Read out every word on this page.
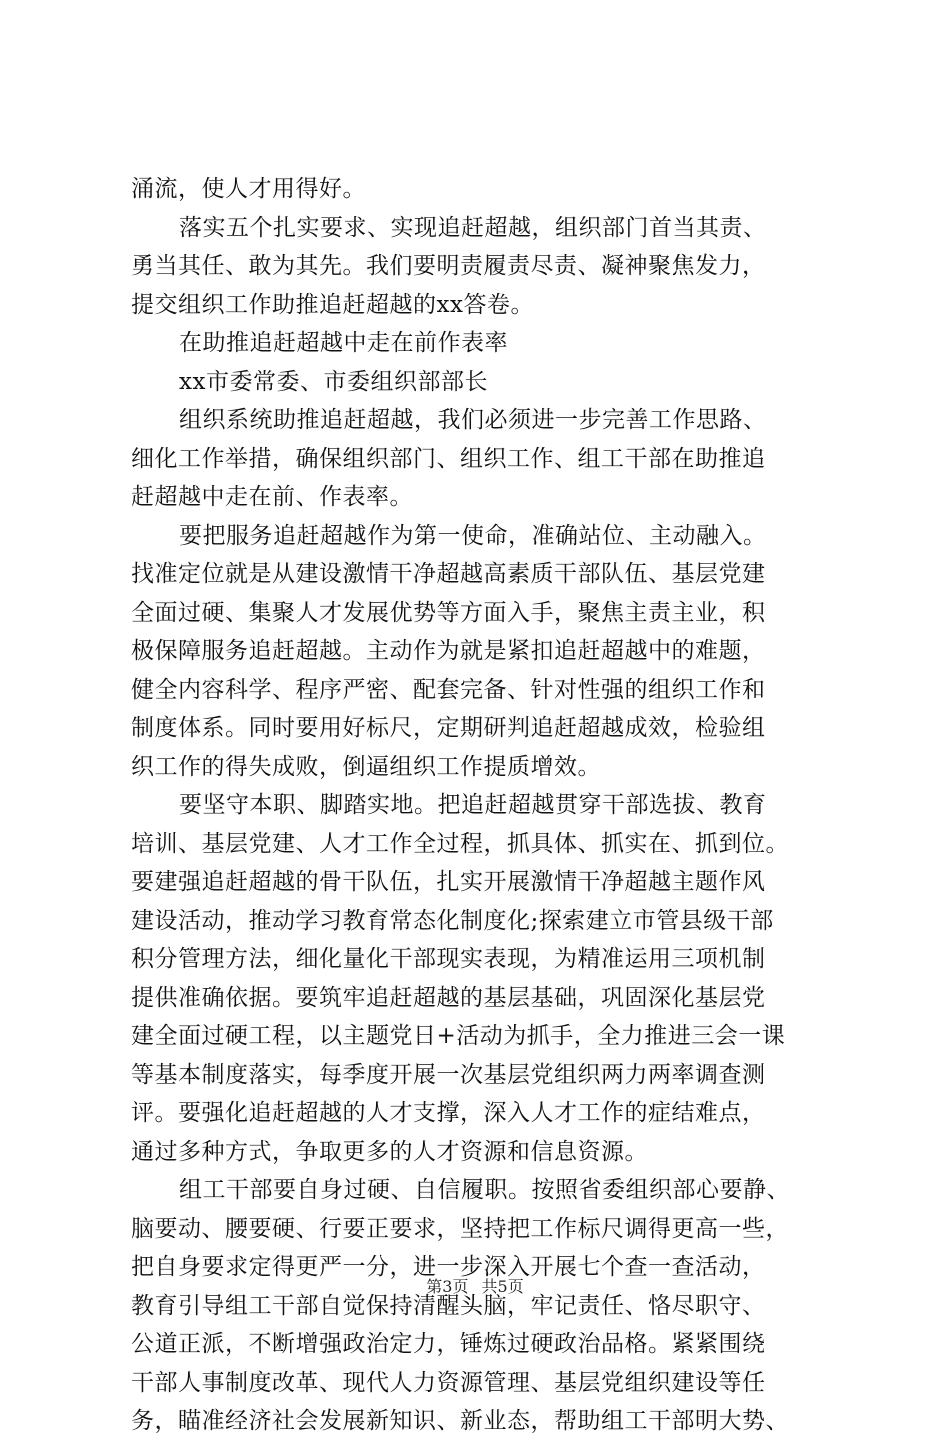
涌流，使人才用得好。
落实五个扎实要求、实现追赶超越，组织部门首当其责、
勇当其任、敢为其先。我们要明责履责尽责、凝神聚焦发力，
提交组织工作助推追赶超越的xx答卷。
在助推追赶超越中走在前作表率
xx市委常委、市委组织部部长
组织系统助推追赶超越，我们必须进一步完善工作思路、
细化工作举措，确保组织部门、组织工作、组工干部在助推追
赶超越中走在前、作表率。
要把服务追赶超越作为第一使命，准确站位、主动融入。
找准定位就是从建设激情干净超越高素质干部队伍、基层党建
全面过硬、集聚人才发展优势等方面入手，聚焦主责主业，积
极保障服务追赶超越。主动作为就是紧扣追赶超越中的难题，
健全内容科学、程序严密、配套完备、针对性强的组织工作和
制度体系。同时要用好标尺，定期研判追赶超越成效，检验组
织工作的得失成败，倒逼组织工作提质增效。
要坚守本职、脚踏实地。把追赶超越贯穿干部选拔、教育
培训、基层党建、人才工作全过程，抓具体、抓实在、抓到位。
要建强追赶超越的骨干队伍，扎实开展激情干净超越主题作风
建设活动，推动学习教育常态化制度化;探索建立市管县级干部
积分管理方法，细化量化干部现实表现，为精准运用三项机制
提供准确依据。要筑牢追赶超越的基层基础，巩固深化基层党
建全面过硬工程，以主题党日+活动为抓手，全力推进三会一课
等基本制度落实，每季度开展一次基层党组织两力两率调查测
评。要强化追赶超越的人才支撑，深入人才工作的症结难点，
通过多种方式，争取更多的人才资源和信息资源。
组工干部要自身过硬、自信履职。按照省委组织部心要静、
脑要动、腰要硬、行要正要求，坚持把工作标尺调得更高一些，
把自身要求定得更严一分，进一步深入开展七个查一查活动，
教育引导组工干部自觉保持清醒头脑，牢记责任、恪尽职守、
公道正派，不断增强政治定力，锤炼过硬政治品格。紧紧围绕
干部人事制度改革、现代人力资源管理、基层党组织建设等任
务，瞄准经济社会发展新知识、新业态，帮助组工干部明大势、
第3页 共5页
